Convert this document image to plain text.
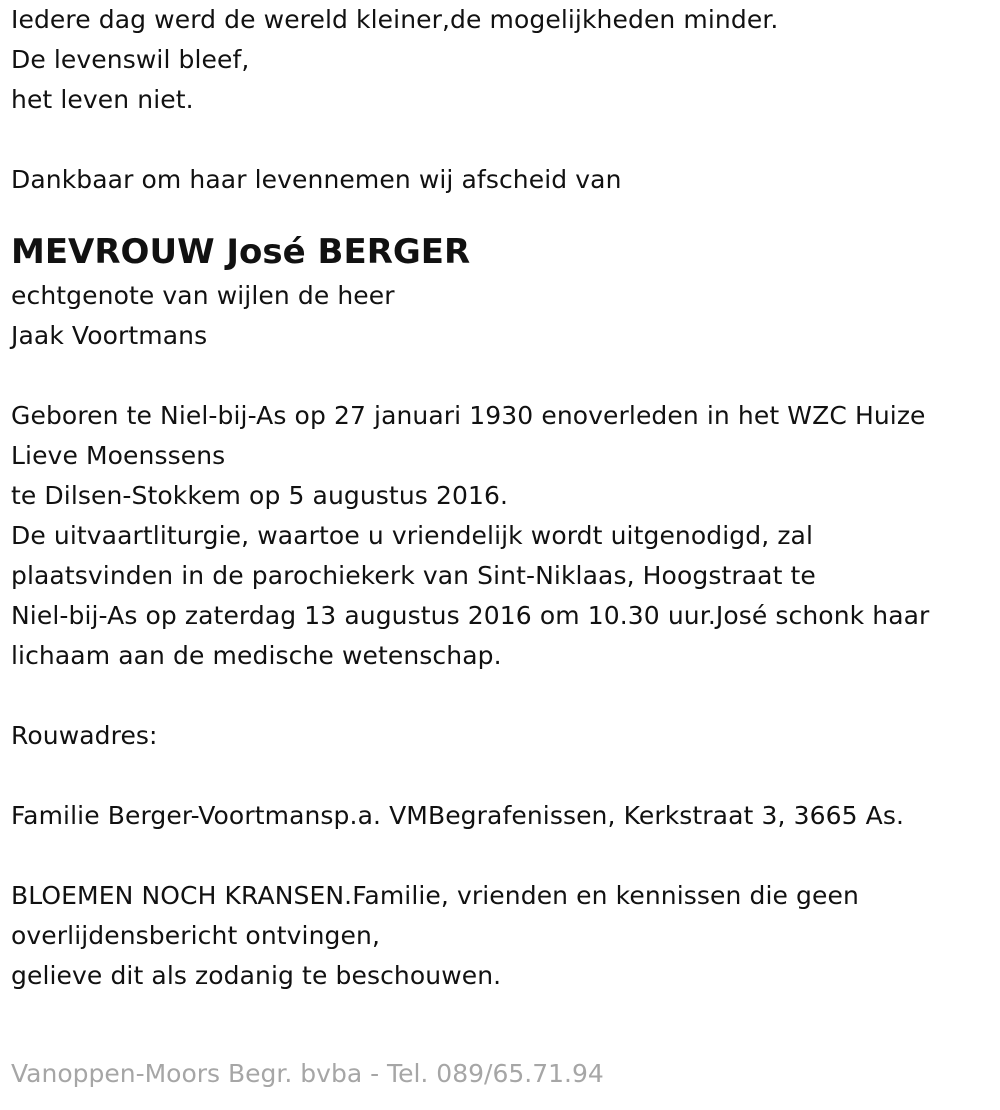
Iedere dag werd de wereld kleiner,de mogelijkheden minder.
De levenswil bleef,
het leven niet.
Dankbaar om haar levennemen wij afscheid van
MEVROUW José BERGER
echtgenote van wijlen de heer
Jaak Voortmans
Geboren te Niel-bij-As op 27 januari 1930 enoverleden in het WZC Huize
Lieve Moenssens
te Dilsen-Stokkem op 5 augustus 2016.
De uitvaartliturgie, waartoe u vriendelijk wordt uitgenodigd, zal
plaatsvinden in de parochiekerk van Sint-Niklaas, Hoogstraat te
Niel-bij-As op zaterdag 13 augustus 2016 om 10.30 uur.José schonk haar
lichaam aan de medische wetenschap.
Rouwadres:
Familie Berger-Voortmansp.a. VMBegrafenissen, Kerkstraat 3, 3665 As.
BLOEMEN NOCH KRANSEN.Familie, vrienden en kennissen die geen
overlijdensbericht ontvingen,
gelieve dit als zodanig te beschouwen.
Vanoppen-Moors Begr. bvba - Tel. 089/65.71.94
